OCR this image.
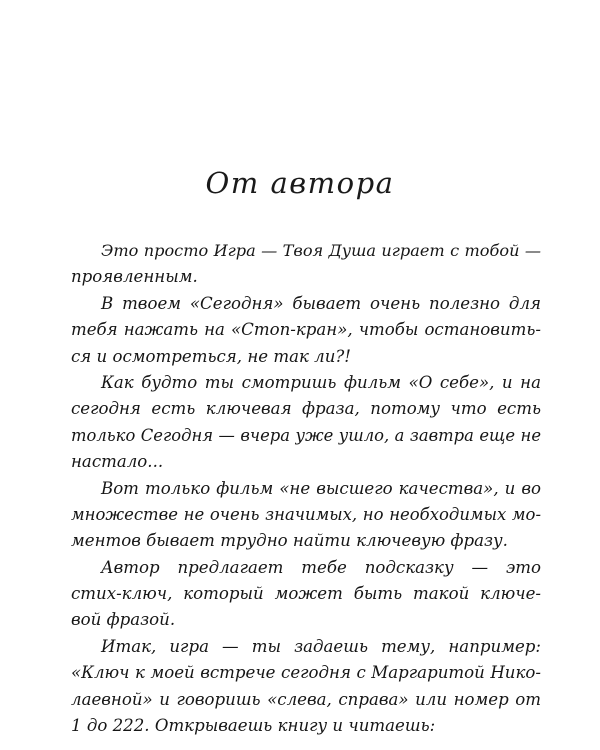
От автора
Это просто Игра — Твоя Душа играет с тобой —
проявленным.
В твоем «Сегодня» бывает очень полезно для
тебя нажать на «Стоп-кран», чтобы остановить-
ся и осмотреться, не так ли?!
Как будто ты смотришь фильм «О себе», и на
сегодня есть ключевая фраза, потому что есть
только Сегодня — вчера уже ушло, а завтра еще не
настало...
Вот только фильм «не высшего качества», и во
множестве не очень значимых, но необходимых мо-
ментов бывает трудно найти ключевую фразу.
Автор предлагает тебе подсказку — это
стих-ключ, который может быть такой ключе-
вой фразой.
Итак, игра — ты задаешь тему, например:
«Ключ к моей встрече сегодня с Маргаритой Нико-
лаевной» и говоришь «слева, справа» или номер от
1 до 222. Открываешь книгу и читаешь:
